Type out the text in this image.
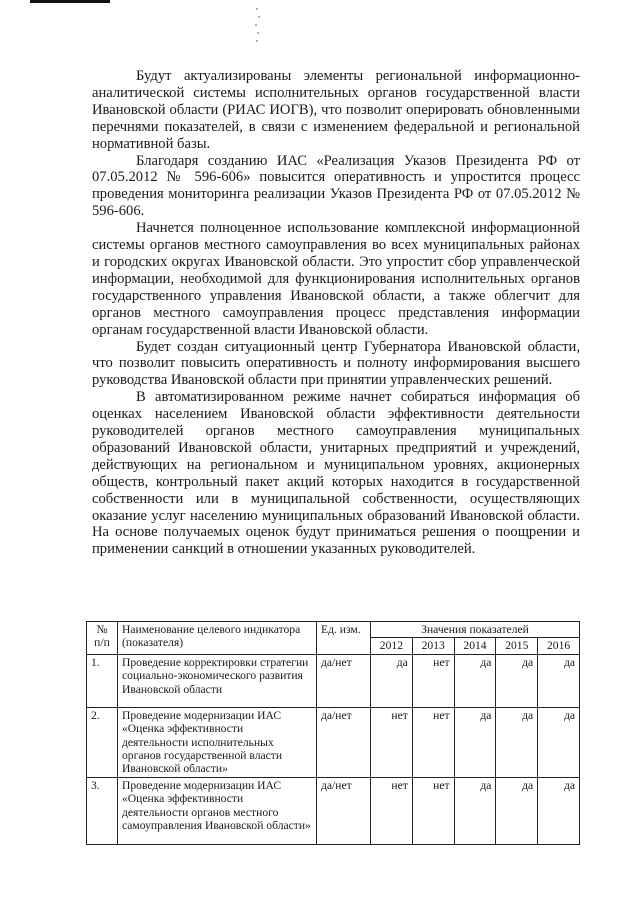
Будут актуализированы элементы региональной информационно-аналитической системы исполнительных органов государственной власти Ивановской области (РИАС ИОГВ), что позволит оперировать обновленными перечнями показателей, в связи с изменением федеральной и региональной нормативной базы.

Благодаря созданию ИАС «Реализация Указов Президента РФ от 07.05.2012 № 596-606» повысится оперативность и упростится процесс проведения мониторинга реализации Указов Президента РФ от 07.05.2012 № 596-606.

Начнется полноценное использование комплексной информационной системы органов местного самоуправления во всех муниципальных районах и городских округах Ивановской области. Это упростит сбор управленческой информации, необходимой для функционирования исполнительных органов государственного управления Ивановской области, а также облегчит для органов местного самоуправления процесс представления информации органам государственной власти Ивановской области.

Будет создан ситуационный центр Губернатора Ивановской области, что позволит повысить оперативность и полноту информирования высшего руководства Ивановской области при принятии управленческих решений.

В автоматизированном режиме начнет собираться информация об оценках населением Ивановской области эффективности деятельности руководителей органов местного самоуправления муниципальных образований Ивановской области, унитарных предприятий и учреждений, действующих на региональном и муниципальном уровнях, акционерных обществ, контрольный пакет акций которых находится в государственной собственности или в муниципальной собственности, осуществляющих оказание услуг населению муниципальных образований Ивановской области. На основе получаемых оценок будут приниматься решения о поощрении и применении санкций в отношении указанных руководителей.

№ п/п	Наименование целевого индикатора (показателя)	Ед. изм.	Значения показателей				
			2012	2013	2014	2015	2016
1.	Проведение корректировки стратегии социально-экономического развития Ивановской области	да/нет	да	нет	да	да	да
2.	Проведение модернизации ИАС «Оценка эффективности деятельности исполнительных органов государственной власти Ивановской области»	да/нет	нет	нет	да	да	да
3.	Проведение модернизации ИАС «Оценка эффективности деятельности органов местного самоуправления Ивановской области»	да/нет	нет	нет	да	да	да
